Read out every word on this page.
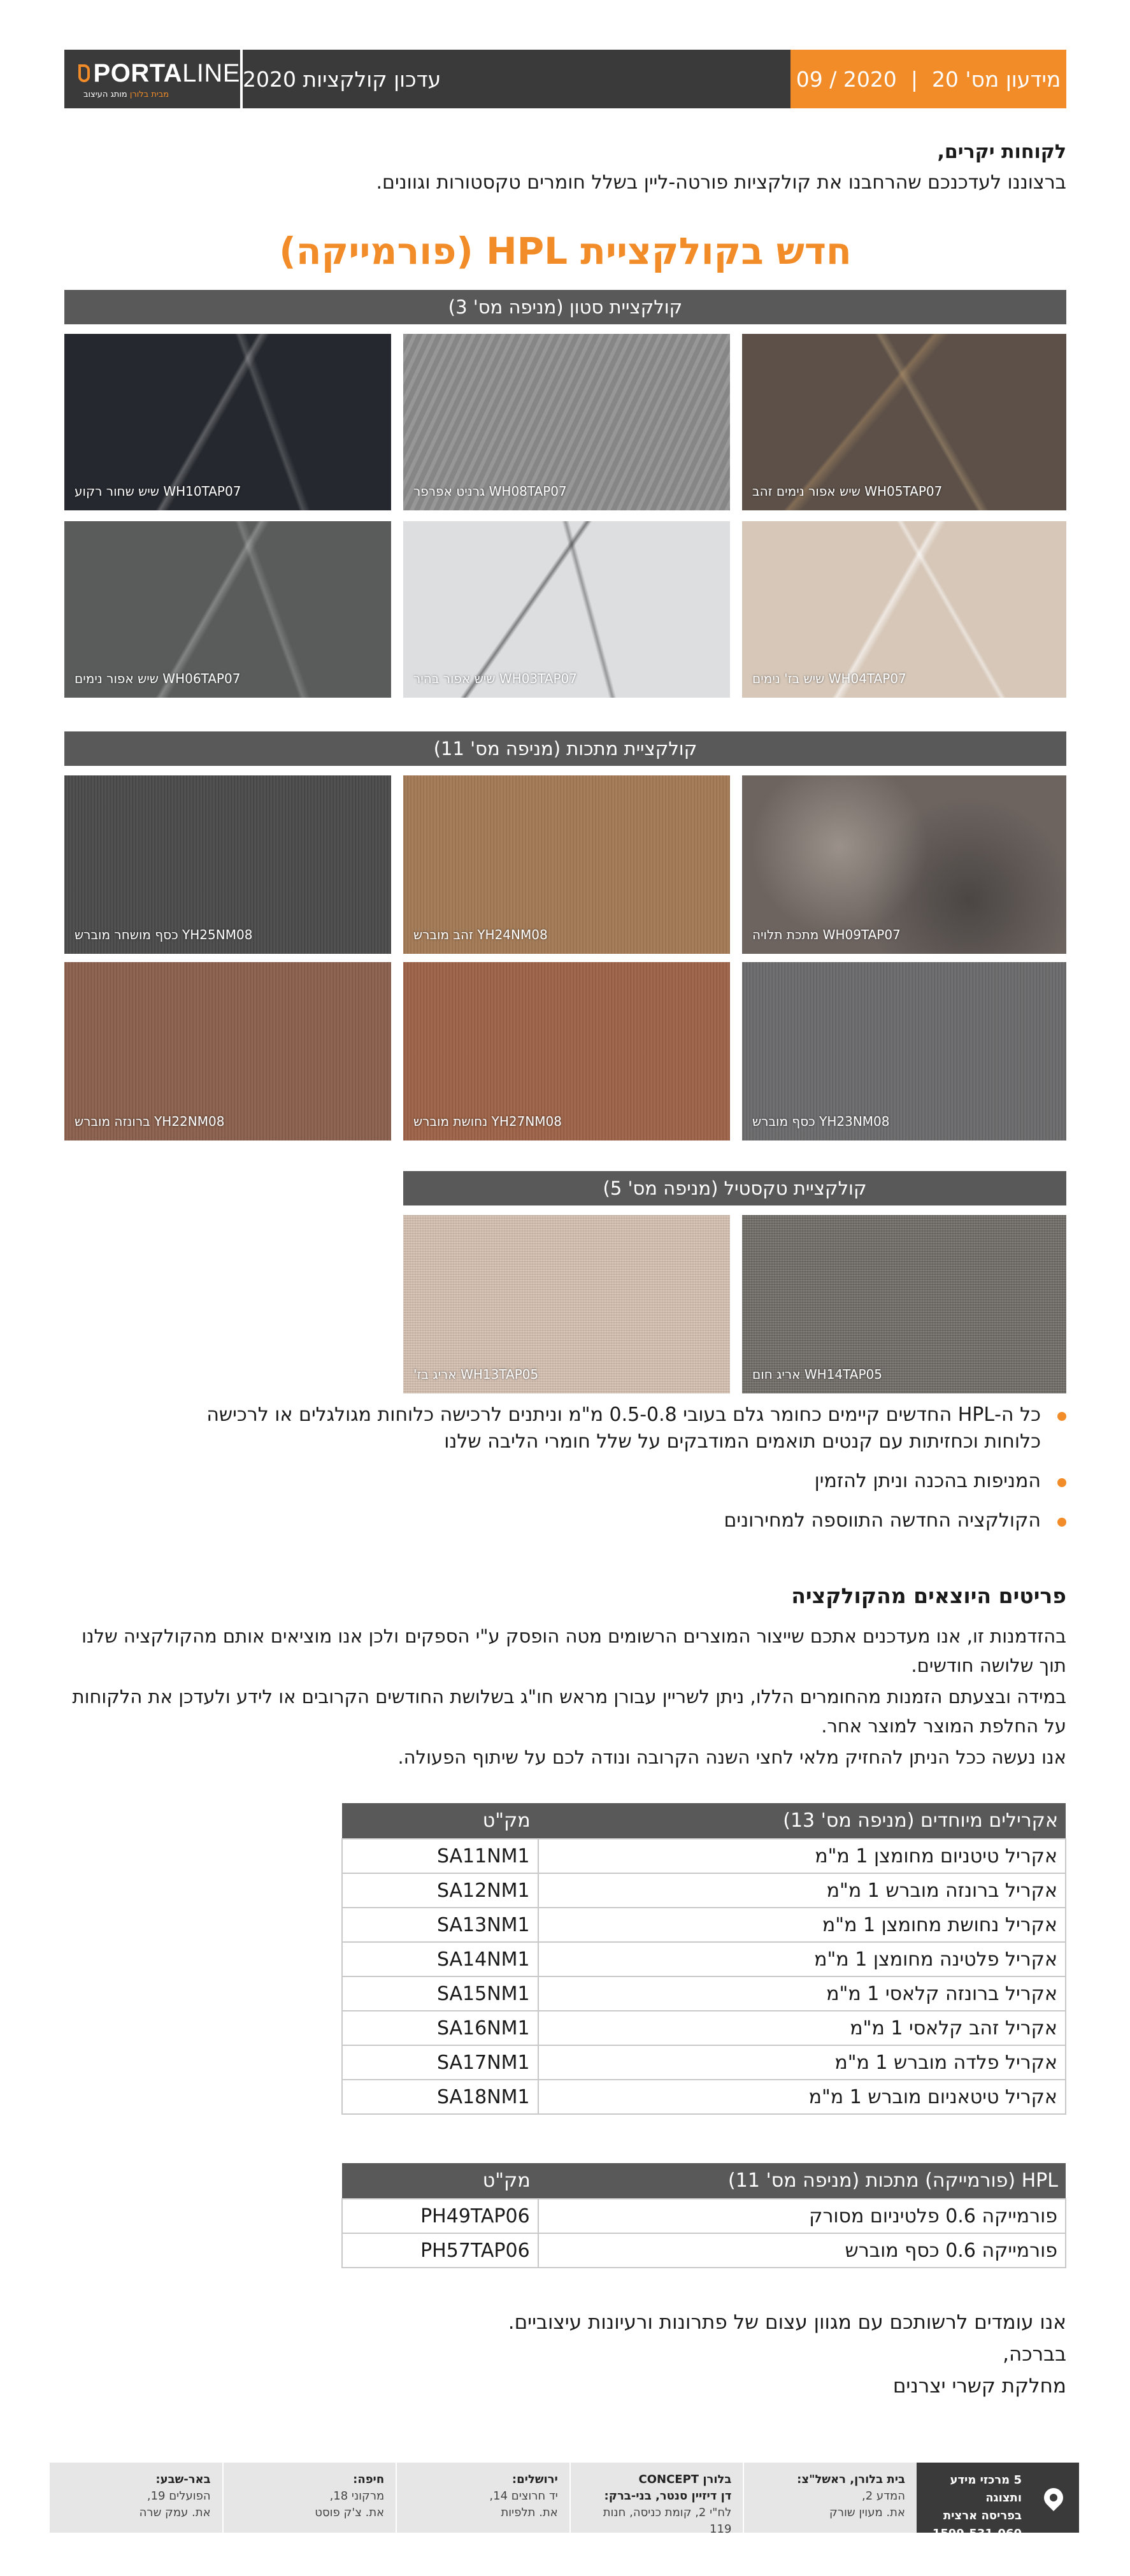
PORTALINE
מבית בלורן מותג העיצוב
עדכון קולקציות 2020	מידעון מס' 20
|
09 / 2020
לקוחות יקרים,
ברצוננו לעדכנכם שהרחבנו את קולקציות פורטה-ליין בשלל חומרים טקסטורות וגוונים.
חדש בקולקציית HPL (פורמייקה)
קולקציית סטון (מניפה מס' 3)
WH05TAP07 שיש אפור נימים זהב
WH08TAP07 גרניט אפרפר
WH10TAP07 שיש שחור רקוע
WH04TAP07 שיש בז' נימים
WH03TAP07 שיש אפור בהיר
WH06TAP07 שיש אפור נימים
קולקציית מתכות (מניפה מס' 11)
WH09TAP07 מתכת תלויה
YH24NM08 זהב מוברש
YH25NM08 כסף מושחר מוברש
YH23NM08 כסף מוברש
YH27NM08 נחושת מוברש
YH22NM08 ברונזה מוברש
קולקציית טקסטיל (מניפה מס' 5)
WH14TAP05 אריג חום
WH13TAP05 אריג בז'
כל ה-HPL החדשים קיימים כחומר גלם בעובי 0.5-0.8 מ"מ וניתנים לרכישה כלוחות מגולגלים או לרכישה כלוחות וכחזיתות עם קנטים תואמים המודבקים על שלל חומרי הליבה שלנו
המניפות בהכנה וניתן להזמין
הקולקציה החדשה התווספה למחירונים
פריטים היוצאים מהקולקציה
בהזדמנות זו, אנו מעדכנים אתכם שייצור המוצרים הרשומים מטה הופסק ע"י הספקים ולכן אנו מוציאים אותם מהקולקציה שלנו תוך שלושה חודשים.
במידה ובצעתם הזמנות מהחומרים הללו, ניתן לשריין עבורן מראש חו"ג בשלושת החודשים הקרובים או לידע ולעדכן את הלקוחות על החלפת המוצר למוצר אחר.
אנו נעשה ככל הניתן להחזיק מלאי לחצי השנה הקרובה ונודה לכם על שיתוף הפעולה.
אקרילים מיוחדים (מניפה מס' 13)	מק"ט
אקריל טיטניום מחומצן 1 מ"מ	SA11NM1
אקריל ברונזה מוברש 1 מ"מ	SA12NM1
אקריל נחושת מחומצן 1 מ"מ	SA13NM1
אקריל פלטינה מחומצן 1 מ"מ	SA14NM1
אקריל ברונזה קלאסי 1 מ"מ	SA15NM1
אקריל זהב קלאסי 1 מ"מ	SA16NM1
אקריל פלדה מוברש 1 מ"מ	SA17NM1
אקריל טיטאניום מוברש 1 מ"מ	SA18NM1
HPL (פורמייקה) מתכות (מניפה מס' 11)	מק"ט
פורמייקה 0.6 פלטיניום מסורק	PH49TAP06
פורמייקה 0.6 כסף מוברש	PH57TAP06
אנו עומדים לרשותכם עם מגוון עצום של פתרונות ורעיונות עיצוביים.
בברכה,
מחלקת קשרי יצרנים
5 מרכזי מידע ותצוגה
בפריסה ארצית
1599-531-060
בית בלורן, ראשל"צ:
המדע 2,
את. מעוין שורק
בלורן CONCEPT
דן דיזיין סנטר, בני-ברק:
לח"י 2, קומת כניסה, חנות 119
ירושלים:
יד חרוצים 14,
את. תלפיות
חיפה:
מרקוני 18,
את. צ'ק פוסט
באר-שבע:
הפועלים 19,
את. עמק שרה
